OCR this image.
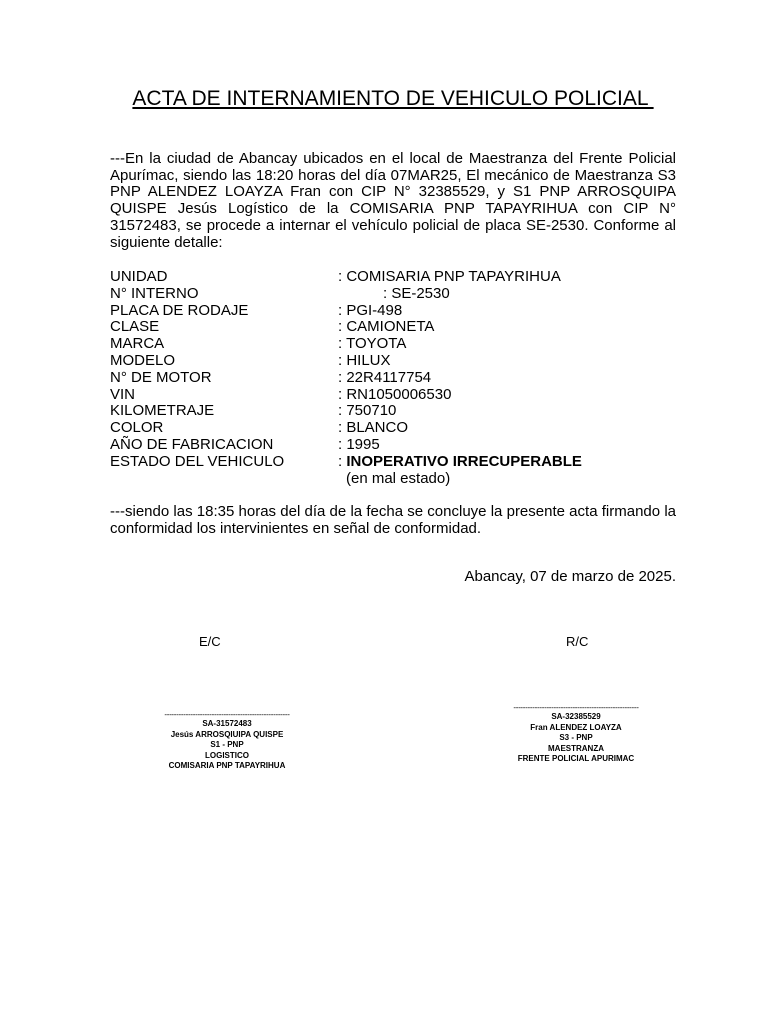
ACTA DE INTERNAMIENTO DE VEHICULO POLICIAL
---En la ciudad de Abancay ubicados en el local de Maestranza del Frente Policial Apurímac, siendo las 18:20 horas del día 07MAR25, El mecánico de Maestranza S3 PNP ALENDEZ LOAYZA Fran con CIP N° 32385529, y S1 PNP ARROSQUIPA QUISPE Jesús Logístico de la COMISARIA PNP TAPAYRIHUA con CIP N° 31572483, se procede a internar el vehículo policial de placa SE-2530. Conforme al siguiente detalle:
UNIDAD	: COMISARIA PNP TAPAYRIHUA
N° INTERNO	: SE-2530
PLACA DE RODAJE	: PGI-498
CLASE	: CAMIONETA
MARCA	: TOYOTA
MODELO	: HILUX
N° DE MOTOR	: 22R4117754
VIN	: RN1050006530
KILOMETRAJE	: 750710
COLOR	: BLANCO
AÑO DE FABRICACION	: 1995
ESTADO DEL VEHICULO	: INOPERATIVO IRRECUPERABLE
(en mal estado)
---siendo las 18:35 horas del día de la fecha se concluye la presente acta firmando la conformidad los intervinientes en señal de conformidad.
Abancay, 07 de marzo de 2025.
E/C	R/C
-----------------------------------------------------
SA-31572483
Jesús ARROSQIUIPA QUISPE
S1 - PNP
LOGISTICO
COMISARIA PNP TAPAYRIHUA
-----------------------------------------------------
SA-32385529
Fran ALENDEZ LOAYZA
S3 - PNP
MAESTRANZA
FRENTE POLICIAL APURIMAC
